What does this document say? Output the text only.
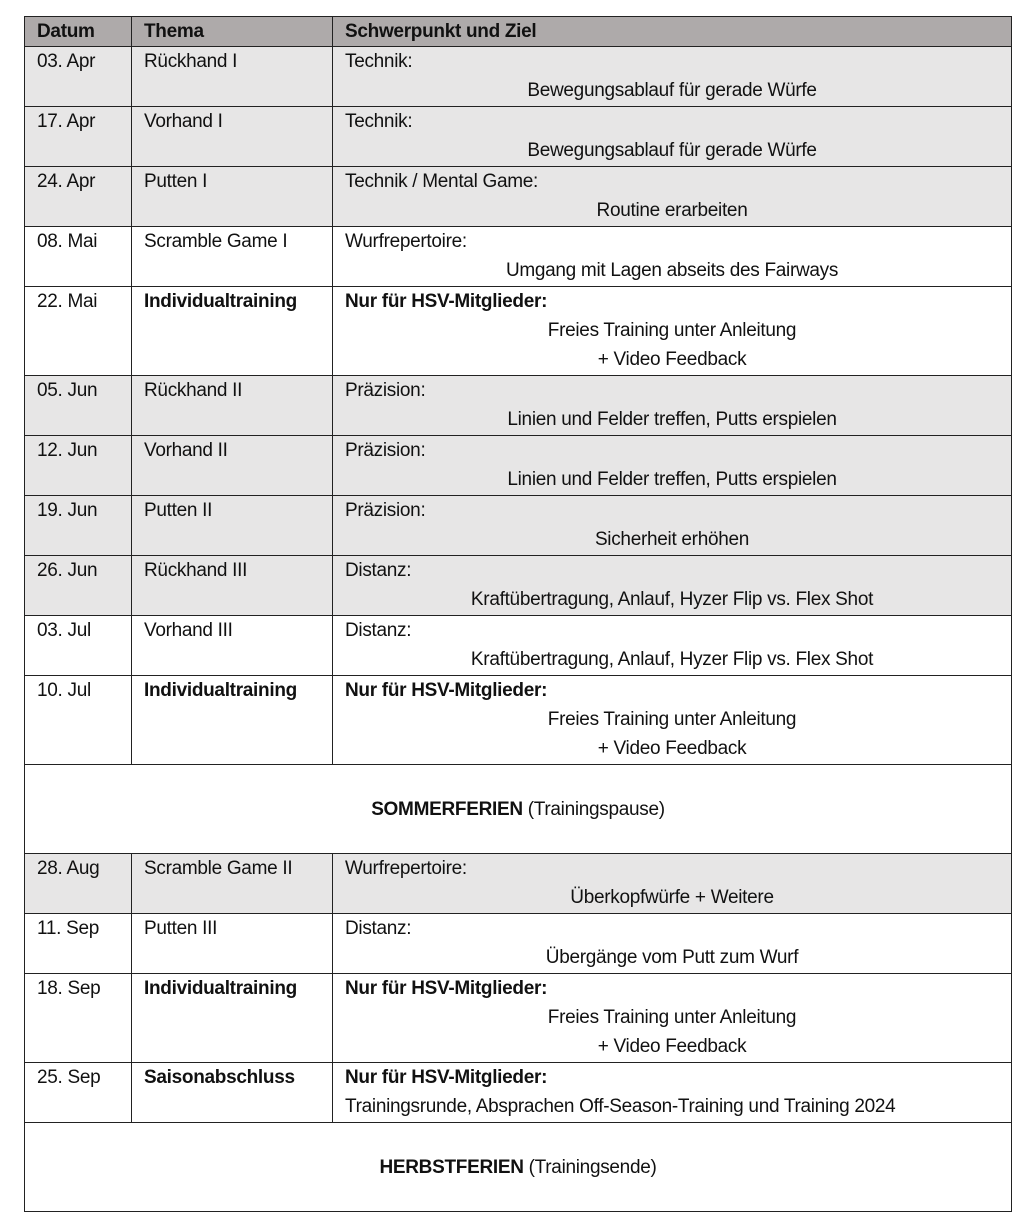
Datum	Thema	Schwerpunkt und Ziel
03. Apr	Rückhand I	Technik:
Bewegungsablauf für gerade Würfe

17. Apr	Vorhand I	Technik:
Bewegungsablauf für gerade Würfe

24. Apr	Putten I	Technik / Mental Game:
Routine erarbeiten

08. Mai	Scramble Game I	Wurfrepertoire:
Umgang mit Lagen abseits des Fairways

22. Mai	Individualtraining	Nur für HSV-Mitglieder:
Freies Training unter Anleitung
+ Video Feedback

05. Jun	Rückhand II	Präzision:
Linien und Felder treffen, Putts erspielen

12. Jun	Vorhand II	Präzision:
Linien und Felder treffen, Putts erspielen

19. Jun	Putten II	Präzision:
Sicherheit erhöhen

26. Jun	Rückhand III	Distanz:
Kraftübertragung, Anlauf, Hyzer Flip vs. Flex Shot

03. Jul	Vorhand III	Distanz:
Kraftübertragung, Anlauf, Hyzer Flip vs. Flex Shot

10. Jul	Individualtraining	Nur für HSV-Mitglieder:
Freies Training unter Anleitung
+ Video Feedback

SOMMERFERIEN (Trainingspause)		
28. Aug	Scramble Game II	Wurfrepertoire:
Überkopfwürfe + Weitere

11. Sep	Putten III	Distanz:
Übergänge vom Putt zum Wurf

18. Sep	Individualtraining	Nur für HSV-Mitglieder:
Freies Training unter Anleitung
+ Video Feedback

25. Sep	Saisonabschluss	Nur für HSV-Mitglieder:
Trainingsrunde, Absprachen Off-Season-Training und Training 2024

HERBSTFERIEN (Trainingsende)		
